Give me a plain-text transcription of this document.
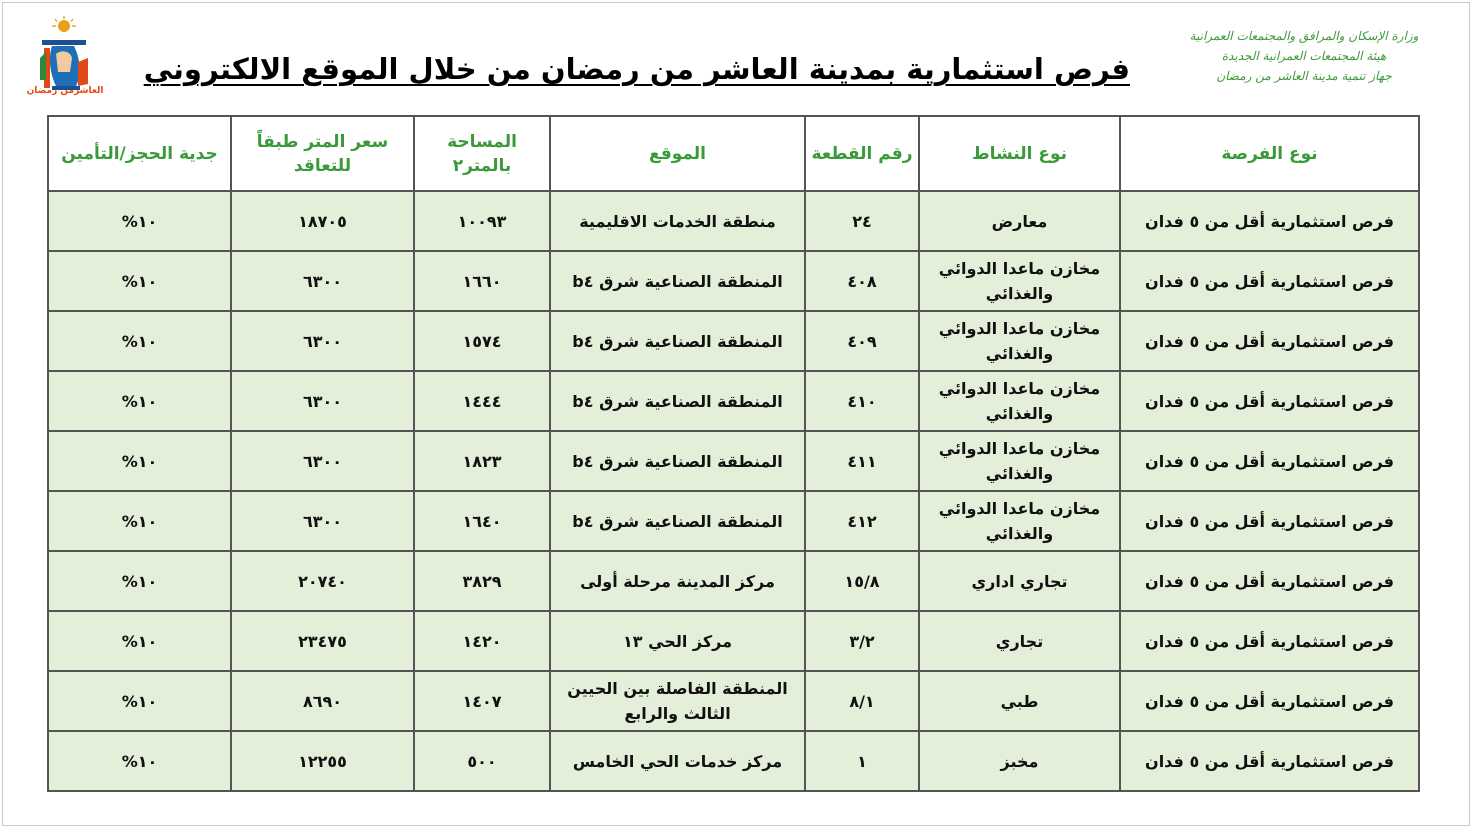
وزارة الإسكان والمرافق والمجتمعات العمرانية
هيئة المجتمعات العمرانية الجديدة
جهاز تنمية مدينة العاشر من رمضان
العاشرمن رمضان
فرص استثمارية بمدينة العاشر من رمضان من خلال الموقع الالكتروني
نوع الفرصة	نوع النشاط	رقم القطعة	الموقع	المساحة بالمتر٢	سعر المتر طبقاً للتعاقد	جدية الحجز/التأمين
فرص استثمارية أقل من ٥ فدان	معارض	٢٤	منطقة الخدمات الاقليمية	١٠٠٩٣	١٨٧٠٥	١٠%
فرص استثمارية أقل من ٥ فدان	مخازن ماعدا الدوائي والغذائي	٤٠٨	المنطقة الصناعية شرق b٤	١٦٦٠	٦٣٠٠	١٠%
فرص استثمارية أقل من ٥ فدان	مخازن ماعدا الدوائي والغذائي	٤٠٩	المنطقة الصناعية شرق b٤	١٥٧٤	٦٣٠٠	١٠%
فرص استثمارية أقل من ٥ فدان	مخازن ماعدا الدوائي والغذائي	٤١٠	المنطقة الصناعية شرق b٤	١٤٤٤	٦٣٠٠	١٠%
فرص استثمارية أقل من ٥ فدان	مخازن ماعدا الدوائي والغذائي	٤١١	المنطقة الصناعية شرق b٤	١٨٢٣	٦٣٠٠	١٠%
فرص استثمارية أقل من ٥ فدان	مخازن ماعدا الدوائي والغذائي	٤١٢	المنطقة الصناعية شرق b٤	١٦٤٠	٦٣٠٠	١٠%
فرص استثمارية أقل من ٥ فدان	تجاري اداري	١٥/٨	مركز المدينة مرحلة أولى	٣٨٢٩	٢٠٧٤٠	١٠%
فرص استثمارية أقل من ٥ فدان	تجاري	٣/٢	مركز الحي ١٣	١٤٢٠	٢٣٤٧٥	١٠%
فرص استثمارية أقل من ٥ فدان	طبي	٨/١	المنطقة الفاصلة بين الحيين الثالث والرابع	١٤٠٧	٨٦٩٠	١٠%
فرص استثمارية أقل من ٥ فدان	مخبز	١	مركز خدمات الحي الخامس	٥٠٠	١٢٢٥٥	١٠%
